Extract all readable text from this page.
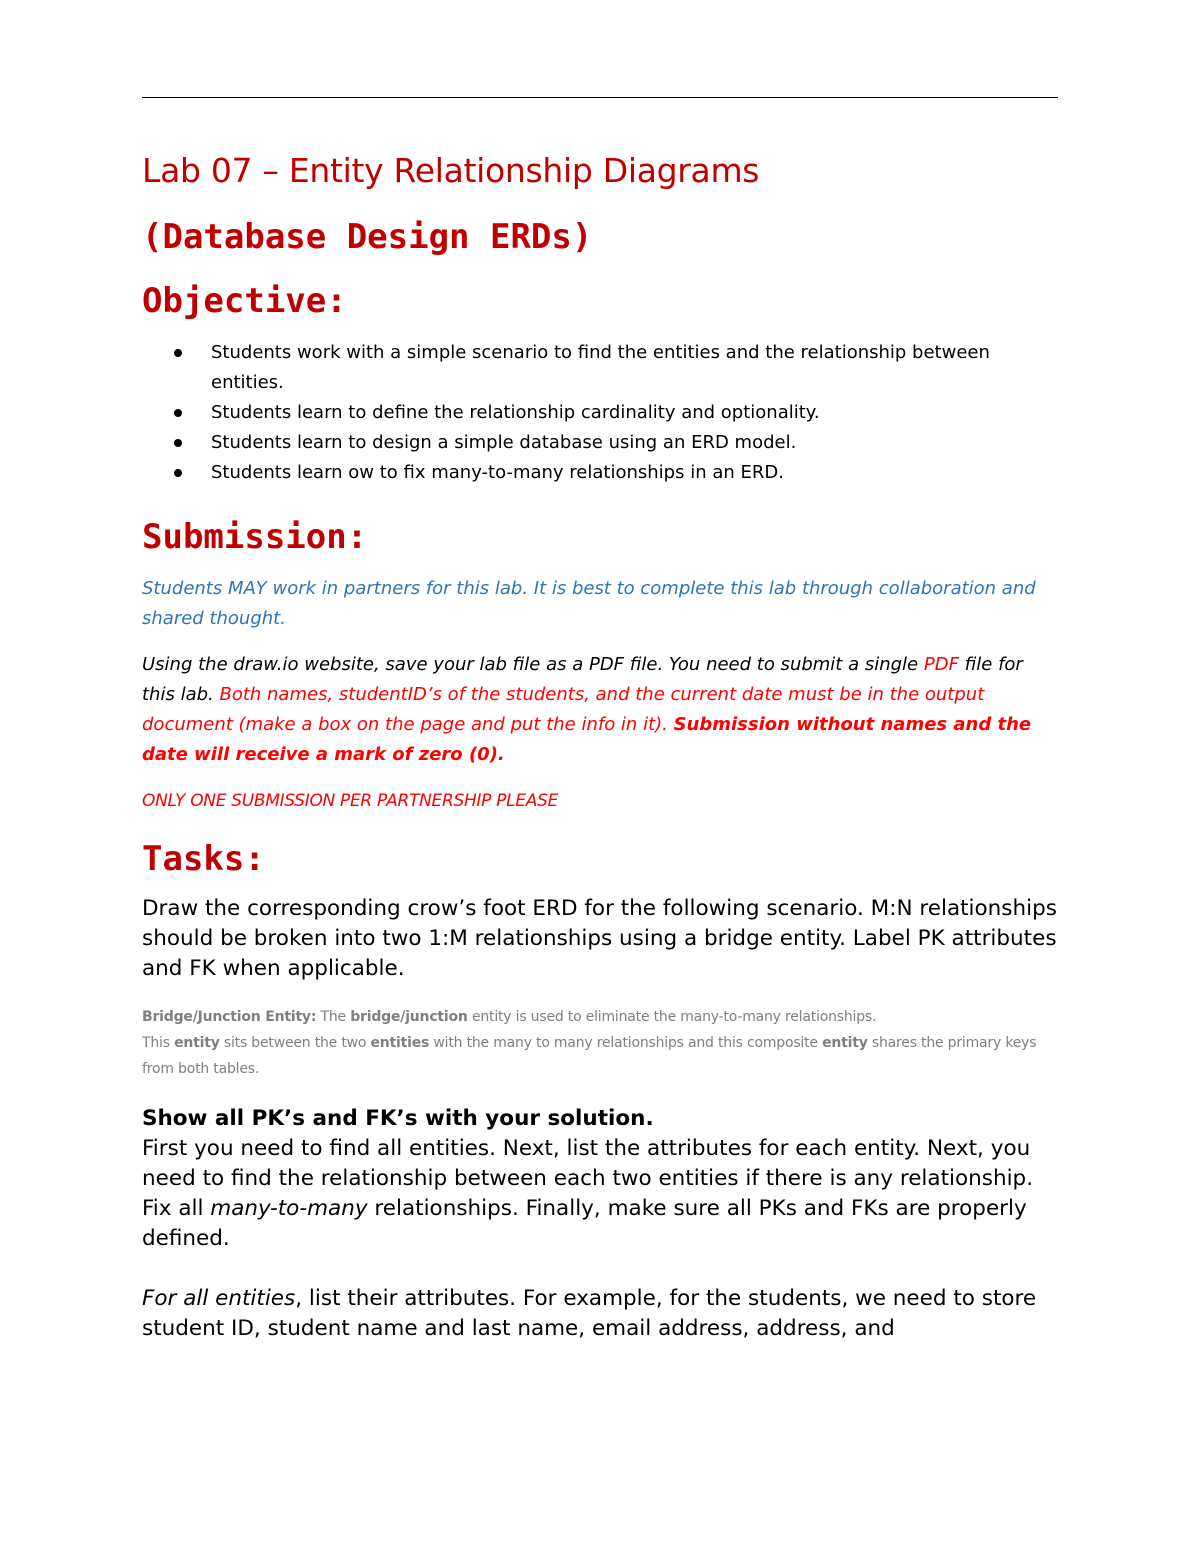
Lab 07 – Entity Relationship Diagrams
(Database Design ERDs)
Objective:
Students work with a simple scenario to find the entities and the relationship between entities.
Students learn to define the relationship cardinality and optionality.
Students learn to design a simple database using an ERD model.
Students learn ow to fix many-to-many relationships in an ERD.
Submission:

Students MAY work in partners for this lab. It is best to complete this lab through collaboration and shared thought.

Using the draw.io website, save your lab file as a PDF file. You need to submit a single PDF file for this lab. Both names, studentID’s of the students, and the current date must be in the output document (make a box on the page and put the info in it). Submission without names and the date will receive a mark of zero (0).

ONLY ONE SUBMISSION PER PARTNERSHIP PLEASE

Tasks:

Draw the corresponding crow’s foot ERD for the following scenario. M:N relationships should be broken into two 1:M relationships using a bridge entity. Label PK attributes and FK when applicable.

Bridge/Junction Entity: The bridge/junction entity is used to eliminate the many-to-many relationships.
This entity sits between the two entities with the many to many relationships and this composite entity shares the primary keys from both tables.

Show all PK’s and FK’s with your solution.
First you need to find all entities. Next, list the attributes for each entity. Next, you need to find the relationship between each two entities if there is any relationship. Fix all many-to-many relationships. Finally, make sure all PKs and FKs are properly defined.

For all entities, list their attributes. For example, for the students, we need to store student ID, student name and last name, email address, address, and
